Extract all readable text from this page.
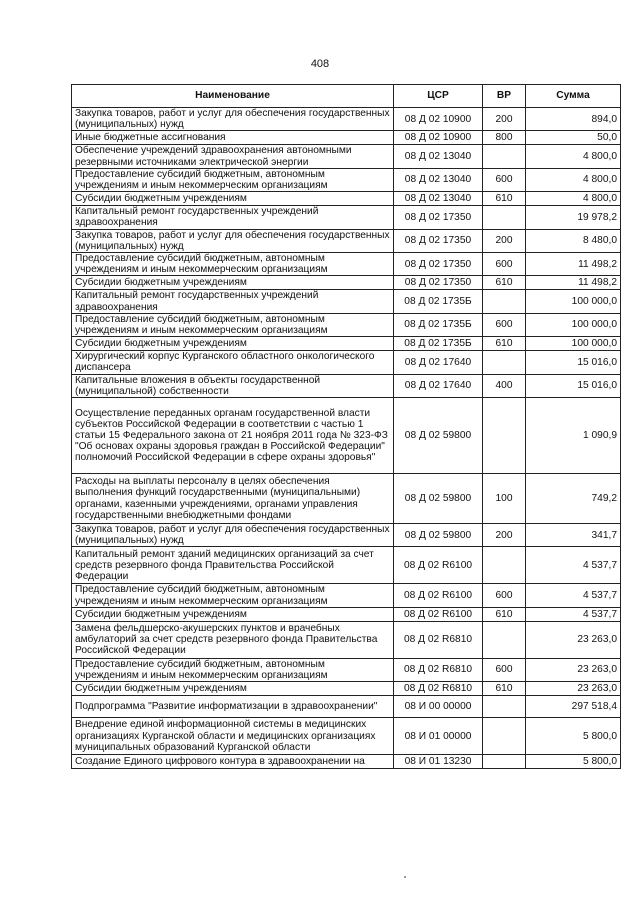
408
Наименование	ЦСР	ВР	Сумма
Закупка товаров, работ и услуг для обеспечения государственных (муниципальных) нужд	08 Д 02 10900	200	894,0
Иные бюджетные ассигнования	08 Д 02 10900	800	50,0
Обеспечение учреждений здравоохранения автономными резервными источниками электрической энергии	08 Д 02 13040		4 800,0
Предоставление субсидий бюджетным, автономным учреждениям и иным некоммерческим организациям	08 Д 02 13040	600	4 800,0
Субсидии бюджетным учреждениям	08 Д 02 13040	610	4 800,0
Капитальный ремонт государственных учреждений здравоохранения	08 Д 02 17350		19 978,2
Закупка товаров, работ и услуг для обеспечения государственных (муниципальных) нужд	08 Д 02 17350	200	8 480,0
Предоставление субсидий бюджетным, автономным учреждениям и иным некоммерческим организациям	08 Д 02 17350	600	11 498,2
Субсидии бюджетным учреждениям	08 Д 02 17350	610	11 498,2
Капитальный ремонт государственных учреждений здравоохранения	08 Д 02 1735Б		100 000,0
Предоставление субсидий бюджетным, автономным учреждениям и иным некоммерческим организациям	08 Д 02 1735Б	600	100 000,0
Субсидии бюджетным учреждениям	08 Д 02 1735Б	610	100 000,0
Хирургический корпус Курганского областного онкологического диспансера	08 Д 02 17640		15 016,0
Капитальные вложения в объекты государственной (муниципальной) собственности	08 Д 02 17640	400	15 016,0
Осуществление переданных органам государственной власти субъектов Российской Федерации в соответствии с частью 1 статьи 15 Федерального закона от 21 ноября 2011 года № 323-ФЗ "Об основах охраны здоровья граждан в Российской Федерации" полномочий Российской Федерации в сфере охраны здоровья"	08 Д 02 59800		1 090,9
Расходы на выплаты персоналу в целях обеспечения выполнения функций государственными (муниципальными) органами, казенными учреждениями, органами управления государственными внебюджетными фондами	08 Д 02 59800	100	749,2
Закупка товаров, работ и услуг для обеспечения государственных (муниципальных) нужд	08 Д 02 59800	200	341,7
Капитальный ремонт зданий медицинских организаций за счет средств резервного фонда Правительства Российской Федерации	08 Д 02 R6100		4 537,7
Предоставление субсидий бюджетным, автономным учреждениям и иным некоммерческим организациям	08 Д 02 R6100	600	4 537,7
Субсидии бюджетным учреждениям	08 Д 02 R6100	610	4 537,7
Замена фельдшерско-акушерских пунктов и врачебных амбулаторий за счет средств резервного фонда Правительства Российской Федерации	08 Д 02 R6810		23 263,0
Предоставление субсидий бюджетным, автономным учреждениям и иным некоммерческим организациям	08 Д 02 R6810	600	23 263,0
Субсидии бюджетным учреждениям	08 Д 02 R6810	610	23 263,0
Подпрограмма "Развитие информатизации в здравоохранении"	08 И 00 00000		297 518,4
Внедрение единой информационной системы в медицинских организациях Курганской области и медицинских организациях муниципальных образований Курганской области	08 И 01 00000		5 800,0
Создание Единого цифрового контура в здравоохранении на	08 И 01 13230		5 800,0
